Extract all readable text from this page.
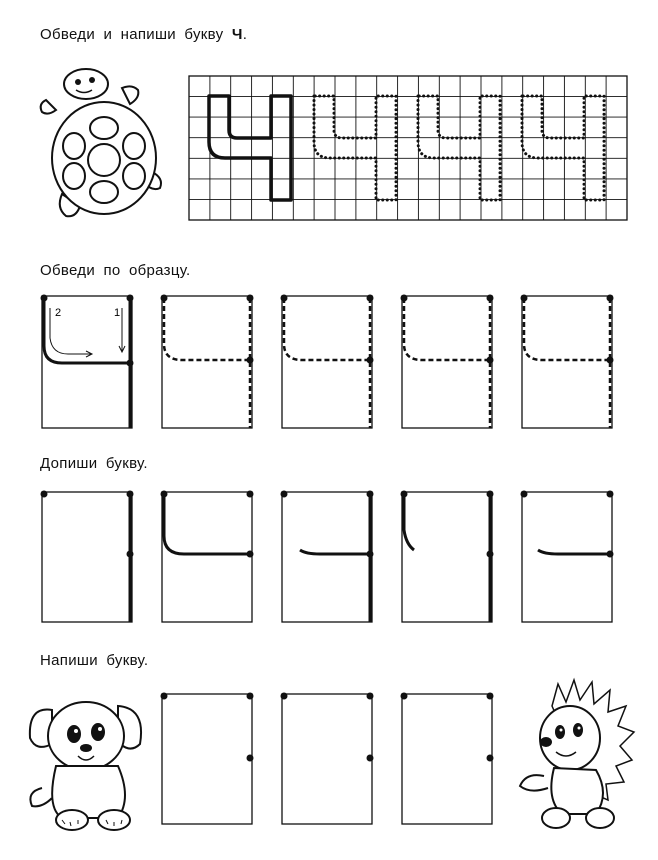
Обведи и напиши букву Ч.
Обведи по образцу.
1
2
Допиши букву.
Напиши букву.
